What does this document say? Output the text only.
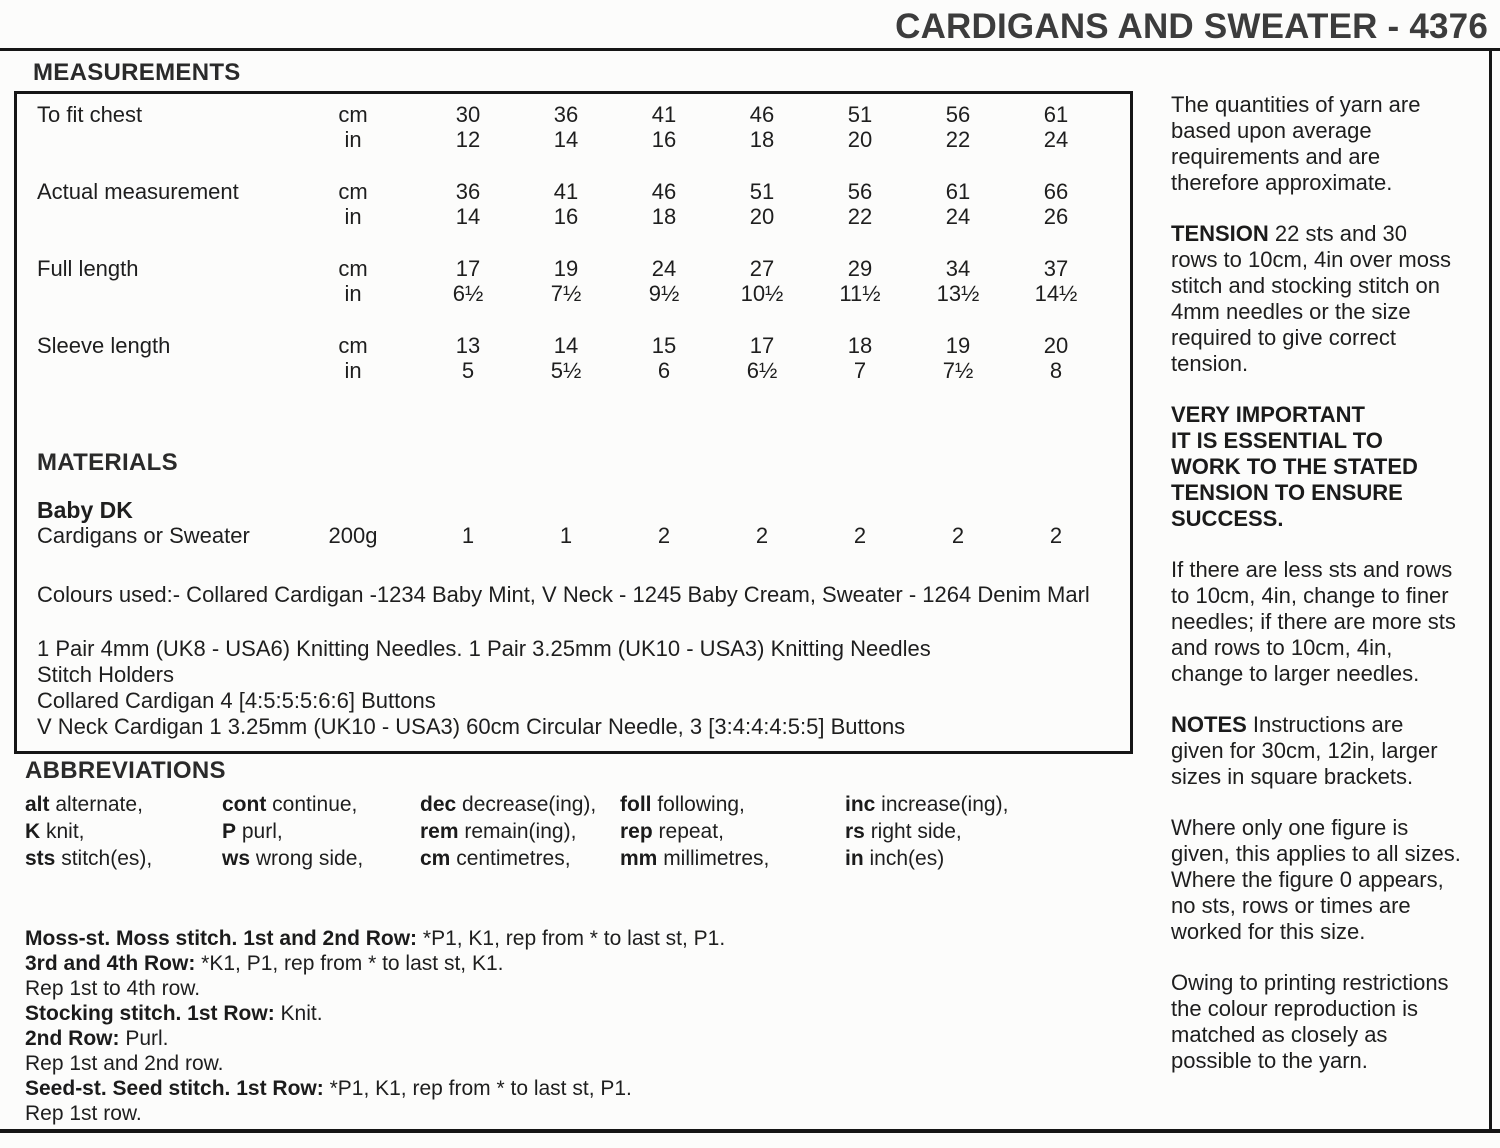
CARDIGANS AND SWEATER - 4376
MEASUREMENTS
To fit chest	cm	30	36	41	46	51	56	61
in	12	14	16	18	20	22	24
Actual measurement	cm	36	41	46	51	56	61	66
in	14	16	18	20	22	24	26
Full length	cm	17	19	24	27	29	34	37
in	6½	7½	9½	10½	11½	13½	14½
Sleeve length	cm	13	14	15	17	18	19	20
in	5	5½	6	6½	7	7½	8
MATERIALS
Baby DK
Cardigans or Sweater	200g	1	1	2	2	2	2	2
Colours used:- Collared Cardigan -1234 Baby Mint, V Neck - 1245 Baby Cream, Sweater - 1264 Denim Marl
1 Pair 4mm (UK8 - USA6) Knitting Needles. 1 Pair 3.25mm (UK10 - USA3) Knitting Needles
Stitch Holders
Collared Cardigan 4 [4:5:5:5:6:6] Buttons
V Neck Cardigan 1 3.25mm (UK10 - USA3) 60cm Circular Needle, 3 [3:4:4:4:5:5] Buttons
ABBREVIATIONS
alt alternate,	cont continue,	dec decrease(ing),	foll following,	inc increase(ing),
K knit,	P purl,	rem remain(ing),	rep repeat,	rs right side,
sts stitch(es),	ws wrong side,	cm centimetres,	mm millimetres,	in inch(es)
Moss-st. Moss stitch. 1st and 2nd Row: *P1, K1, rep from * to last st, P1.
3rd and 4th Row: *K1, P1, rep from * to last st, K1.
Rep 1st to 4th row.
Stocking stitch. 1st Row: Knit.
2nd Row: Purl.
Rep 1st and 2nd row.
Seed-st. Seed stitch. 1st Row: *P1, K1, rep from * to last st, P1.
Rep 1st row.
The quantities of yarn are
based upon average
requirements and are
therefore approximate.
TENSION 22 sts and 30
rows to 10cm, 4in over moss
stitch and stocking stitch on
4mm needles or the size
required to give correct
tension.
VERY IMPORTANT
IT IS ESSENTIAL TO
WORK TO THE STATED
TENSION TO ENSURE
SUCCESS.
If there are less sts and rows
to 10cm, 4in, change to finer
needles; if there are more sts
and rows to 10cm, 4in,
change to larger needles.
NOTES Instructions are
given for 30cm, 12in, larger
sizes in square brackets.
Where only one figure is
given, this applies to all sizes.
Where the figure 0 appears,
no sts, rows or times are
worked for this size.
Owing to printing restrictions
the colour reproduction is
matched as closely as
possible to the yarn.
